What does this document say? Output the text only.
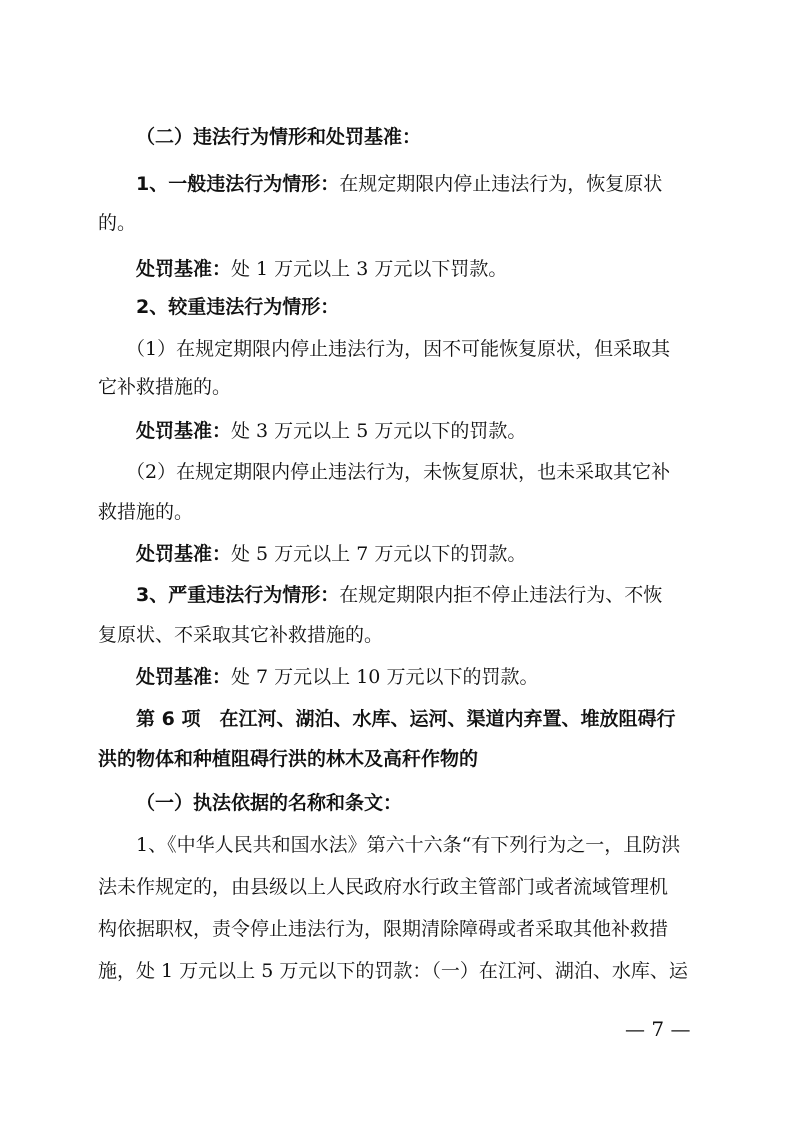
（二）违法行为情形和处罚基准：
1、一般违法行为情形：在规定期限内停止违法行为，恢复原状
的。
处罚基准：处 1 万元以上 3 万元以下罚款。
2、较重违法行为情形：
（1）在规定期限内停止违法行为，因不可能恢复原状，但采取其
它补救措施的。
处罚基准：处 3 万元以上 5 万元以下的罚款。
（2）在规定期限内停止违法行为，未恢复原状，也未采取其它补
救措施的。
处罚基准：处 5 万元以上 7 万元以下的罚款。
3、严重违法行为情形：在规定期限内拒不停止违法行为、不恢
复原状、不采取其它补救措施的。
处罚基准：处 7 万元以上 10 万元以下的罚款。
第 6 项　在江河、湖泊、水库、运河、渠道内弃置、堆放阻碍行
洪的物体和种植阻碍行洪的林木及高秆作物的
（一）执法依据的名称和条文：
1、《中华人民共和国水法》第六十六条“有下列行为之一，且防洪
法未作规定的，由县级以上人民政府水行政主管部门或者流域管理机
构依据职权，责令停止违法行为，限期清除障碍或者采取其他补救措
施，处 1 万元以上 5 万元以下的罚款：（一）在江河、湖泊、水库、运
— 7 —
